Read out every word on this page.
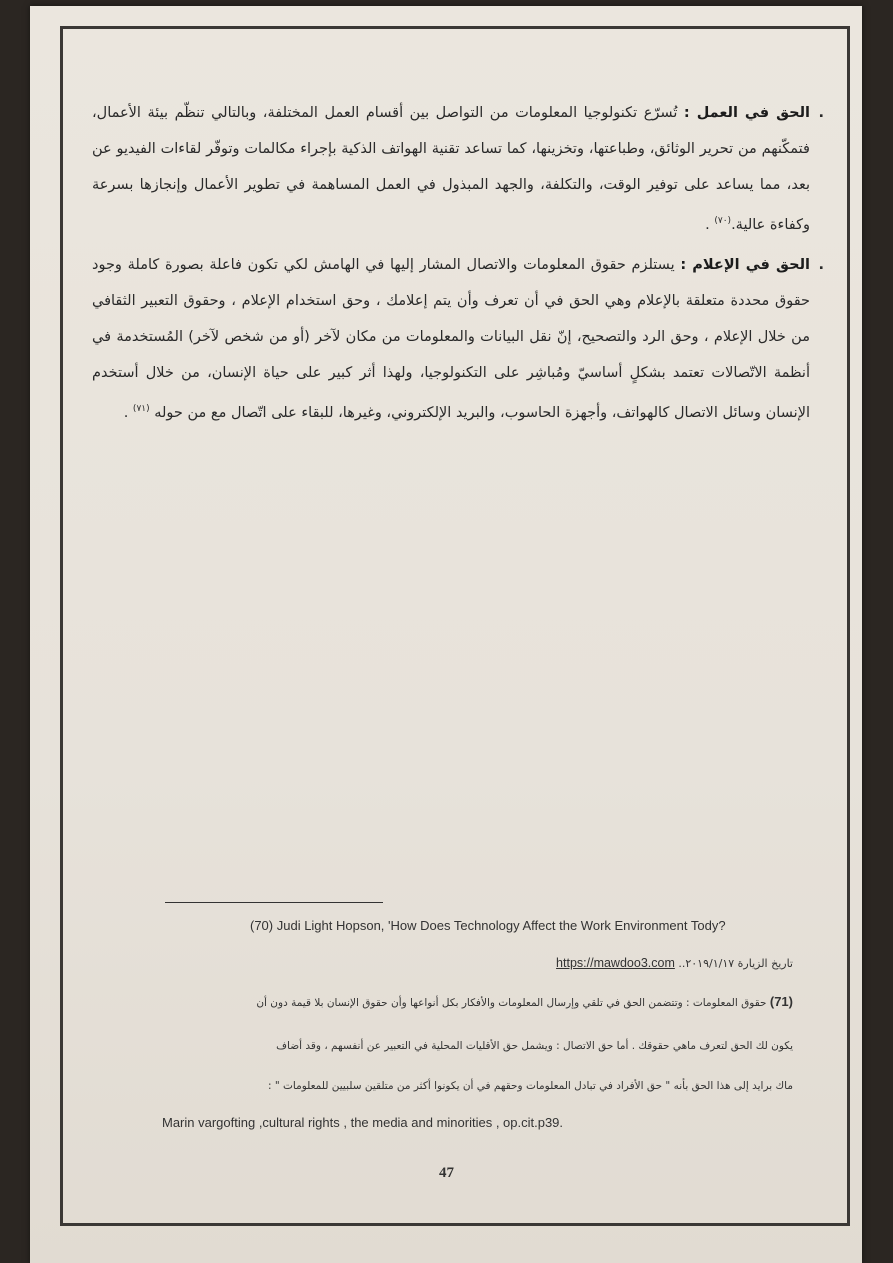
.
الحق في العمل : تُسرّع تكنولوجيا المعلومات من التواصل بين أقسام العمل المختلفة، وبالتالي تنظّم بيئة الأعمال، فتمكّنهم من تحرير الوثائق، وطباعتها، وتخزينها، كما تساعد تقنية الهواتف الذكية بإجراء مكالمات وتوفّر لقاءات الفيديو عن بعد، مما يساعد على توفير الوقت، والتكلفة، والجهد المبذول في العمل المساهمة في تطوير الأعمال وإنجازها بسرعة وكفاءة عالية.$^{(٧٠)}$ .

.
الحق في الإعلام : يستلزم حقوق المعلومات والاتصال المشار إليها في الهامش لكي تكون فاعلة بصورة كاملة وجود حقوق محددة متعلقة بالإعلام وهي الحق في أن تعرف وأن يتم إعلامك ، وحق استخدام الإعلام ، وحقوق التعبير الثقافي من خلال الإعلام ، وحق الرد والتصحيح، إنّ نقل البيانات والمعلومات من مكان لآخر (أو من شخص لآخر) المُستخدمة في أنظمة الاتّصالات تعتمد بشكلٍ أساسيّ ومُباشِر على التكنولوجيا، ولهذا أثر كبير على حياة الإنسان، من خلال أستخدم الإنسان وسائل الاتصال كالهواتف، وأجهزة الحاسوب، والبريد الإلكتروني، وغيرها، للبقاء على اتّصال مع من حوله $^{(٧١)}$ .

(70) Judi Light Hopson, 'How Does Technology Affect the Work Environment Tody?
تاريخ الزيارة ٢٠١٩/١/١٧.. https://mawdoo3.com
(71) حقوق المعلومات : وتتضمن الحق في تلقي وإرسال المعلومات والأفكار بكل أنواعها وأن حقوق الإنسان بلا قيمة دون أن
يكون لك الحق لتعرف ماهي حقوقك . أما حق الاتصال : ويشمل حق الأقليات المحلية في التعبير عن أنفسهم ، وقد أضاف
ماك برايد إلى هذا الحق بأنه " حق الأفراد في تبادل المعلومات وحقهم في أن يكونوا أكثر من متلقين سلبيين للمعلومات " :
Marin vargofting ,cultural rights , the media and minorities , op.cit.p39.
47
